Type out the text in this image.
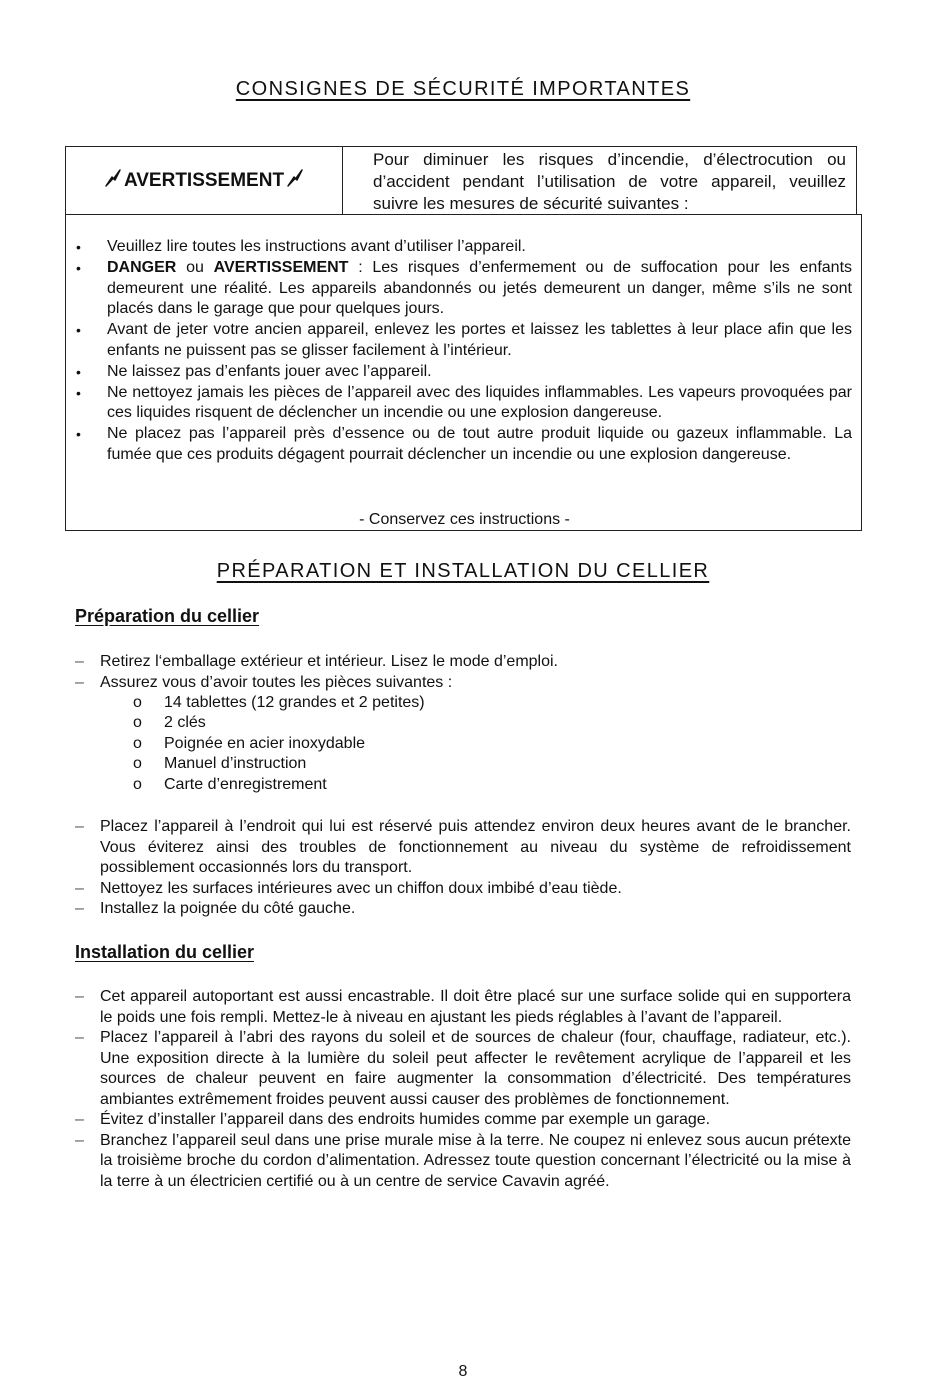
CONSIGNES DE SÉCURITÉ IMPORTANTES
AVERTISSEMENT
Pour diminuer les risques d’incendie, d’électrocution ou d’accident pendant l’utilisation de votre appareil, veuillez suivre les mesures de sécurité suivantes :
• Veuillez lire toutes les instructions avant d’utiliser l’appareil.
• DANGER ou AVERTISSEMENT : Les risques d’enfermement ou de suffocation pour les enfants demeurent une réalité. Les appareils abandonnés ou jetés demeurent un danger, même s’ils ne sont placés dans le garage que pour quelques jours.
• Avant de jeter votre ancien appareil, enlevez les portes et laissez les tablettes à leur place afin que les enfants ne puissent pas se glisser facilement à l’intérieur.
• Ne laissez pas d’enfants jouer avec l’appareil.
• Ne nettoyez jamais les pièces de l’appareil avec des liquides inflammables. Les vapeurs provoquées par ces liquides risquent de déclencher un incendie ou une explosion dangereuse.
• Ne placez pas l’appareil près d’essence ou de tout autre produit liquide ou gazeux inflammable. La fumée que ces produits dégagent pourrait déclencher un incendie ou une explosion dangereuse.
- Conservez ces instructions -
PRÉPARATION ET INSTALLATION DU CELLIER
Préparation du cellier
– Retirez l‘emballage extérieur et intérieur. Lisez le mode d’emploi.
– Assurez vous d’avoir toutes les pièces suivantes :
o 14 tablettes (12 grandes et 2 petites)
o 2 clés
o Poignée en acier inoxydable
o Manuel d’instruction
o Carte d’enregistrement
– Placez l’appareil à l’endroit qui lui est réservé puis attendez environ deux heures avant de le brancher. Vous éviterez ainsi des troubles de fonctionnement au niveau du système de refroidissement possiblement occasionnés lors du transport.
– Nettoyez les surfaces intérieures avec un chiffon doux imbibé d’eau tiède.
– Installez la poignée du côté gauche.
Installation du cellier
– Cet appareil autoportant est aussi encastrable. Il doit être placé sur une surface solide qui en supportera le poids une fois rempli. Mettez-le à niveau en ajustant les pieds réglables à l’avant de l’appareil.
– Placez l’appareil à l’abri des rayons du soleil et de sources de chaleur (four, chauffage, radiateur, etc.). Une exposition directe à la lumière du soleil peut affecter le revêtement acrylique de l’appareil et les sources de chaleur peuvent en faire augmenter la consommation d’électricité. Des températures ambiantes extrêmement froides peuvent aussi causer des problèmes de fonctionnement.
– Évitez d’installer l’appareil dans des endroits humides comme par exemple un garage.
– Branchez l’appareil seul dans une prise murale mise à la terre. Ne coupez ni enlevez sous aucun prétexte la troisième broche du cordon d’alimentation. Adressez toute question concernant l’électricité ou la mise à la terre à un électricien certifié ou à un centre de service Cavavin agréé.
8
